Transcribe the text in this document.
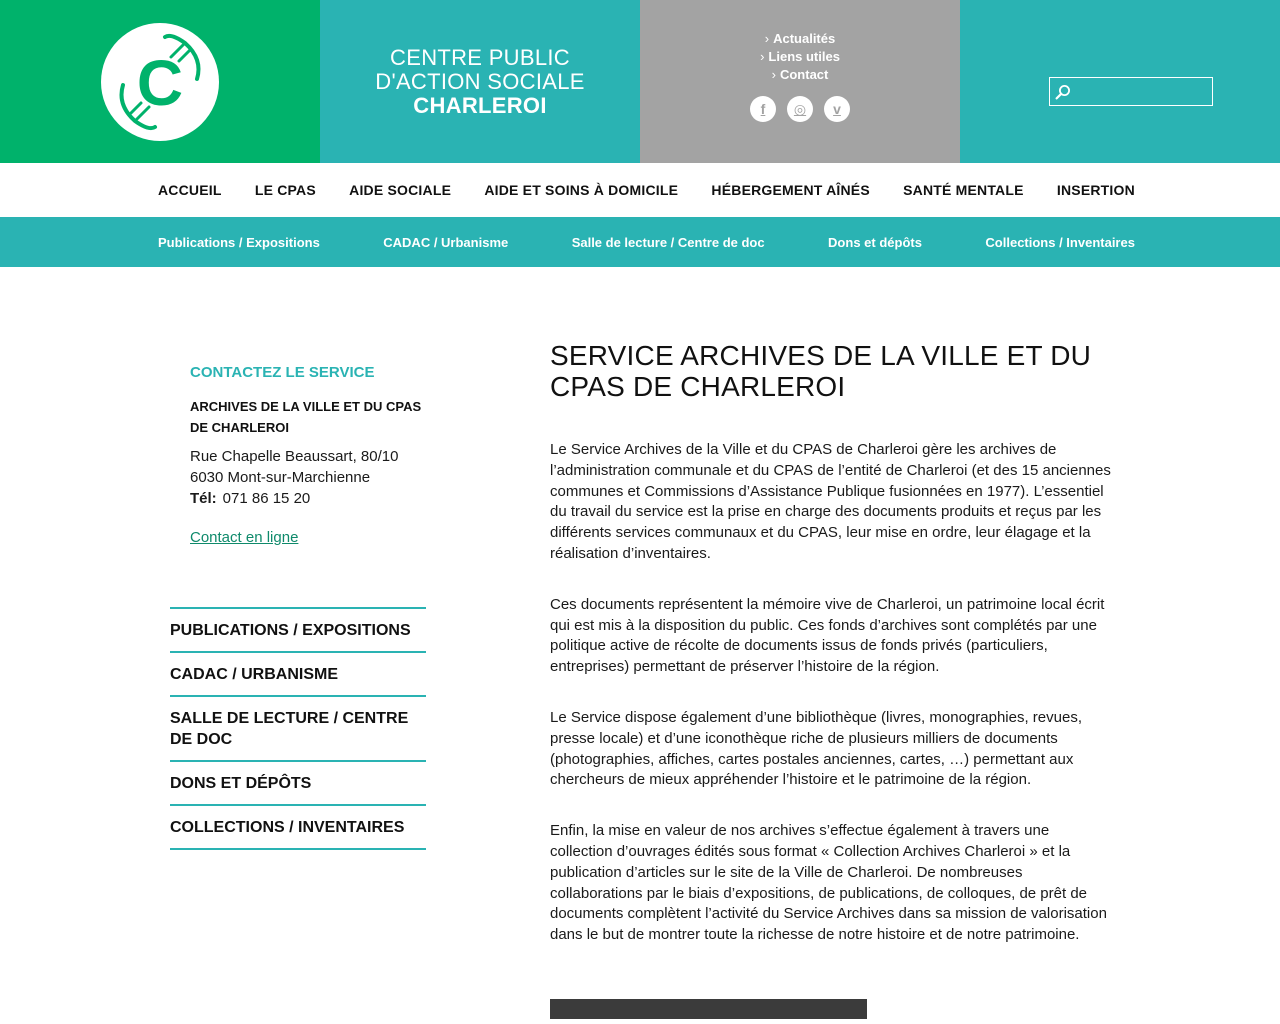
C	CENTRE PUBLIC
D'ACTION SOCIALE
CHARLEROI
› Actualités
› Liens utiles
› Contact
f	◎	v
ACCUEIL LE CPAS AIDE SOCIALE AIDE ET SOINS À DOMICILE HÉBERGEMENT AÎNÉS SANTÉ MENTALE INSERTION
Publications / Expositions	CADAC / Urbanisme	Salle de lecture / Centre de doc	Dons et dépôts	Collections / Inventaires
CONTACTEZ LE SERVICE
ARCHIVES DE LA VILLE ET DU CPAS DE CHARLEROI
Rue Chapelle Beaussart, 80/10
6030 Mont-sur-Marchienne
Tél: 071 86 15 20
Contact en ligne
PUBLICATIONS / EXPOSITIONS
CADAC / URBANISME
SALLE DE LECTURE / CENTRE DE DOC
DONS ET DÉPÔTS
COLLECTIONS / INVENTAIRES
SERVICE ARCHIVES DE LA VILLE ET DU CPAS DE CHARLEROI

Le Service Archives de la Ville et du CPAS de Charleroi gère les archives de l’administration communale et du CPAS de l’entité de Charleroi (et des 15 anciennes communes et Commissions d’Assistance Publique fusionnées en 1977). L’essentiel du travail du service est la prise en charge des documents produits et reçus par les différents services communaux et du CPAS, leur mise en ordre, leur élagage et la réalisation d’inventaires.

Ces documents représentent la mémoire vive de Charleroi, un patrimoine local écrit qui est mis à la disposition du public. Ces fonds d’archives sont complétés par une politique active de récolte de documents issus de fonds privés (particuliers, entreprises) permettant de préserver l’histoire de la région.

Le Service dispose également d’une bibliothèque (livres, monographies, revues, presse locale) et d’une iconothèque riche de plusieurs milliers de documents (photographies, affiches, cartes postales anciennes, cartes, …) permettant aux chercheurs de mieux appréhender l’histoire et le patrimoine de la région.

Enfin, la mise en valeur de nos archives s’effectue également à travers une collection d’ouvrages édités sous format « Collection Archives Charleroi » et la publication d’articles sur le site de la Ville de Charleroi. De nombreuses collaborations par le biais d’expositions, de publications, de colloques, de prêt de documents complètent l’activité du Service Archives dans sa mission de valorisation dans le but de montrer toute la richesse de notre histoire et de notre patrimoine.
